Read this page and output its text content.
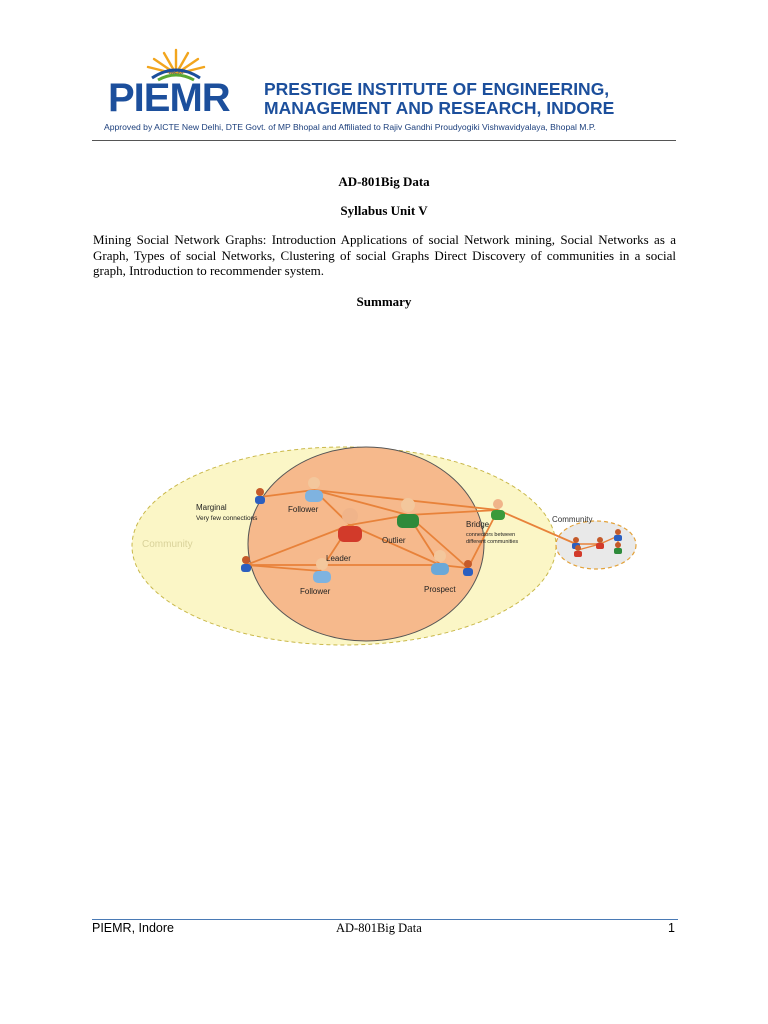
प्रेस्टीज
PIEMR PRESTIGE INSTITUTE OF ENGINEERING,
MANAGEMENT AND RESEARCH, INDORE
Approved by AICTE New Delhi, DTE Govt. of MP Bhopal and Affiliated to Rajiv Gandhi Proudyogiki Vishwavidyalaya, Bhopal M.P.
AD-801Big Data
Syllabus Unit V
Mining Social Network Graphs: Introduction Applications of social Network mining, Social Networks as a Graph, Types of social Networks, Clustering of social Graphs Direct Discovery of communities in a social graph, Introduction to recommender system.
Summary
Community
Community
Marginal
Very few connections
Follower
Leader
Outlier
Bridge
connectors between
different communities
Follower	Prospect
PIEMR, Indore	AD-801Big Data	1
